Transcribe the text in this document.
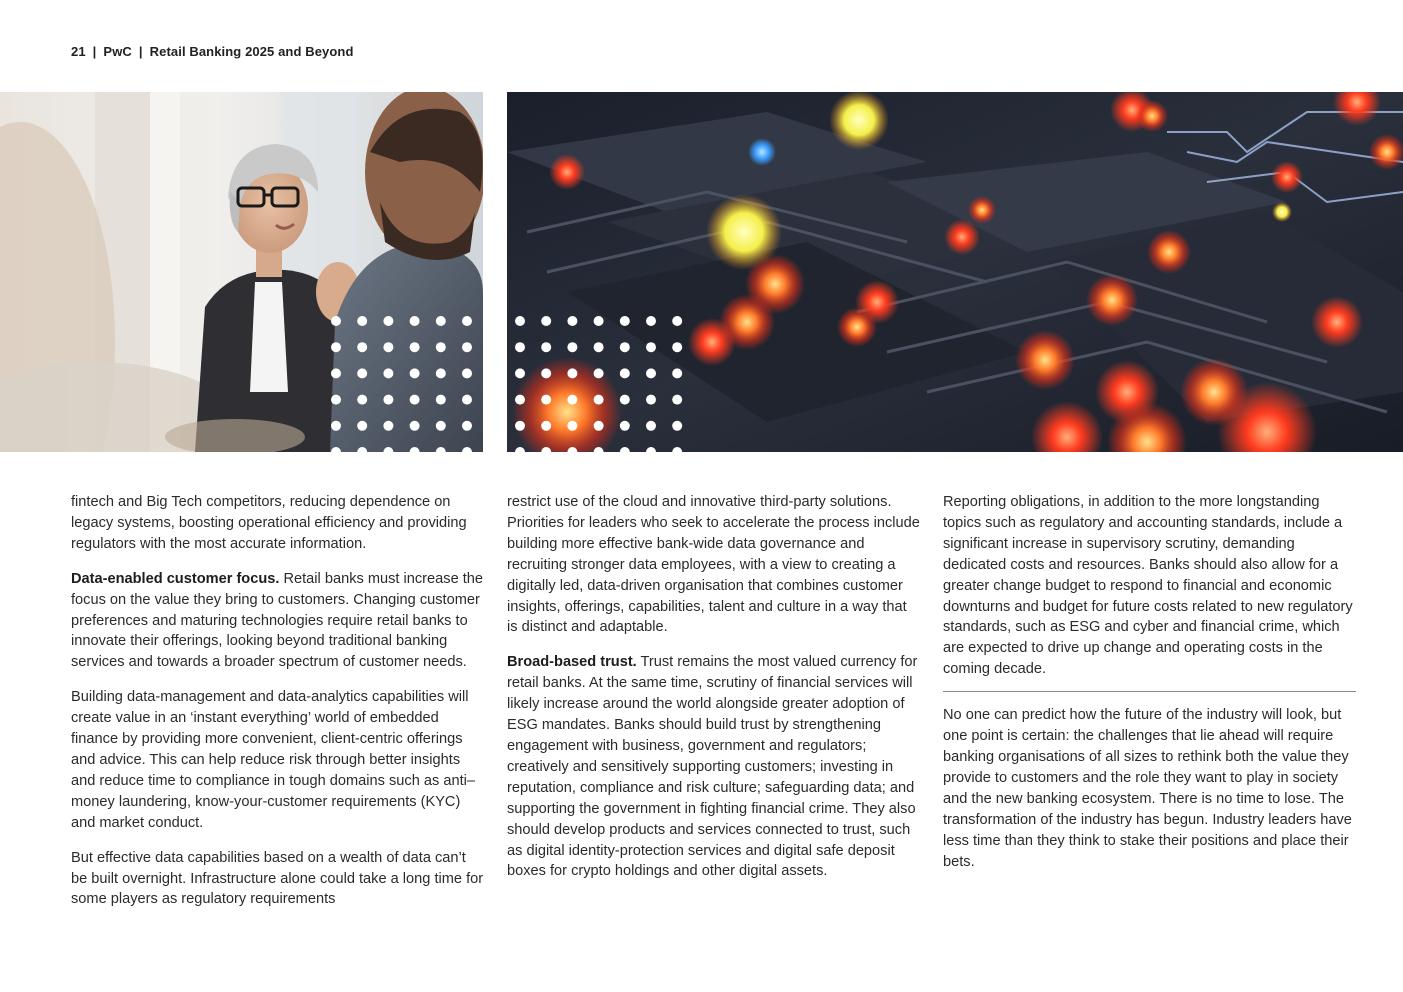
21 | PwC | Retail Banking 2025 and Beyond

fintech and Big Tech competitors, reducing dependence on legacy systems, boosting operational efficiency and providing regulators with the most accurate information.

Data-enabled customer focus. Retail banks must increase the focus on the value they bring to customers. Changing customer preferences and maturing technologies require retail banks to innovate their offerings, looking beyond traditional banking services and towards a broader spectrum of customer needs.

Building data-management and data-analytics capabilities will create value in an ‘instant everything’ world of embedded finance by providing more convenient, client-centric offerings and advice. This can help reduce risk through better insights and reduce time to compliance in tough domains such as anti–money laundering, know-your-customer requirements (KYC) and market conduct.

But effective data capabilities based on a wealth of data can’t be built overnight. Infrastructure alone could take a long time for some players as regulatory requirements

restrict use of the cloud and innovative third-party solutions. Priorities for leaders who seek to accelerate the process include building more effective bank-wide data governance and recruiting stronger data employees, with a view to creating a digitally led, data-driven organisation that combines customer insights, offerings, capabilities, talent and culture in a way that is distinct and adaptable.

Broad-based trust. Trust remains the most valued currency for retail banks. At the same time, scrutiny of financial services will likely increase around the world alongside greater adoption of ESG mandates. Banks should build trust by strengthening engagement with business, government and regulators; creatively and sensitively supporting customers; investing in reputation, compliance and risk culture; safeguarding data; and supporting the government in fighting financial crime. They also should develop products and services connected to trust, such as digital identity-protection services and digital safe deposit boxes for crypto holdings and other digital assets.

Reporting obligations, in addition to the more longstanding topics such as regulatory and accounting standards, include a significant increase in supervisory scrutiny, demanding dedicated costs and resources. Banks should also allow for a greater change budget to respond to financial and economic downturns and budget for future costs related to new regulatory standards, such as ESG and cyber and financial crime, which are expected to drive up change and operating costs in the coming decade.

No one can predict how the future of the industry will look, but one point is certain: the challenges that lie ahead will require banking organisations of all sizes to rethink both the value they provide to customers and the role they want to play in society and the new banking ecosystem. There is no time to lose. The transformation of the industry has begun. Industry leaders have less time than they think to stake their positions and place their bets.
